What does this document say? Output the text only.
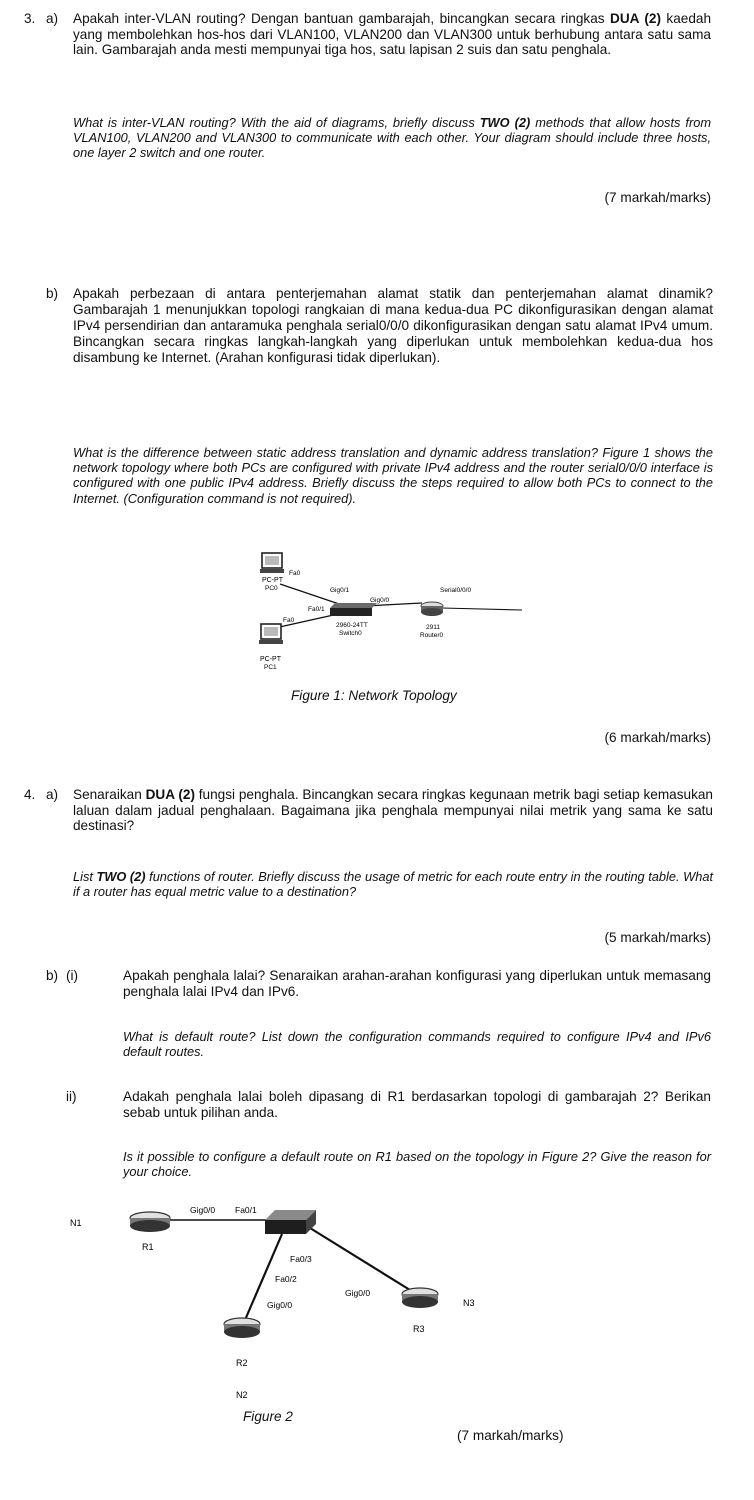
3. a) Apakah inter-VLAN routing? Dengan bantuan gambarajah, bincangkan secara ringkas DUA (2) kaedah yang membolehkan hos-hos dari VLAN100, VLAN200 dan VLAN300 untuk berhubung antara satu sama lain. Gambarajah anda mesti mempunyai tiga hos, satu lapisan 2 suis dan satu penghala.
What is inter-VLAN routing? With the aid of diagrams, briefly discuss TWO (2) methods that allow hosts from VLAN100, VLAN200 and VLAN300 to communicate with each other. Your diagram should include three hosts, one layer 2 switch and one router.
(7 markah/marks)
b) Apakah perbezaan di antara penterjemahan alamat statik dan penterjemahan alamat dinamik? Gambarajah 1 menunjukkan topologi rangkaian di mana kedua-dua PC dikonfigurasikan dengan alamat IPv4 persendirian dan antaramuka penghala serial0/0/0 dikonfigurasikan dengan satu alamat IPv4 umum. Bincangkan secara ringkas langkah-langkah yang diperlukan untuk membolehkan kedua-dua hos disambung ke Internet. (Arahan konfigurasi tidak diperlukan).
What is the difference between static address translation and dynamic address translation? Figure 1 shows the network topology where both PCs are configured with private IPv4 address and the router serial0/0/0 interface is configured with one public IPv4 address. Briefly discuss the steps required to allow both PCs to connect to the Internet. (Configuration command is not required).
PC-PT
PC0
Fa0
Fa0
PC-PT
PC1
Gig0/1
Fa0/1
Gig0/0
2960-24TT
Switch0
Serial0/0/0
2911
Router0
Figure 1: Network Topology
(6 markah/marks)
4. a) Senaraikan DUA (2) fungsi penghala. Bincangkan secara ringkas kegunaan metrik bagi setiap kemasukan laluan dalam jadual penghalaan. Bagaimana jika penghala mempunyai nilai metrik yang sama ke satu destinasi?
List TWO (2) functions of router. Briefly discuss the usage of metric for each route entry in the routing table. What if a router has equal metric value to a destination?
(5 markah/marks)
b) (i)	Apakah penghala lalai? Senaraikan arahan-arahan konfigurasi yang diperlukan untuk memasang penghala lalai IPv4 dan IPv6.
What is default route? List down the configuration commands required to configure IPv4 and IPv6 default routes.
ii)	Adakah penghala lalai boleh dipasang di R1 berdasarkan topologi di gambarajah 2? Berikan sebab untuk pilihan anda.
Is it possible to configure a default route on R1 based on the topology in Figure 2? Give the reason for your choice.
N1
R1
Gig0/0 Fa0/1
Fa0/3
Fa0/2
Gig0/0
Gig0/0	N3
R3
R2
N2
Figure 2
(7 markah/marks)
